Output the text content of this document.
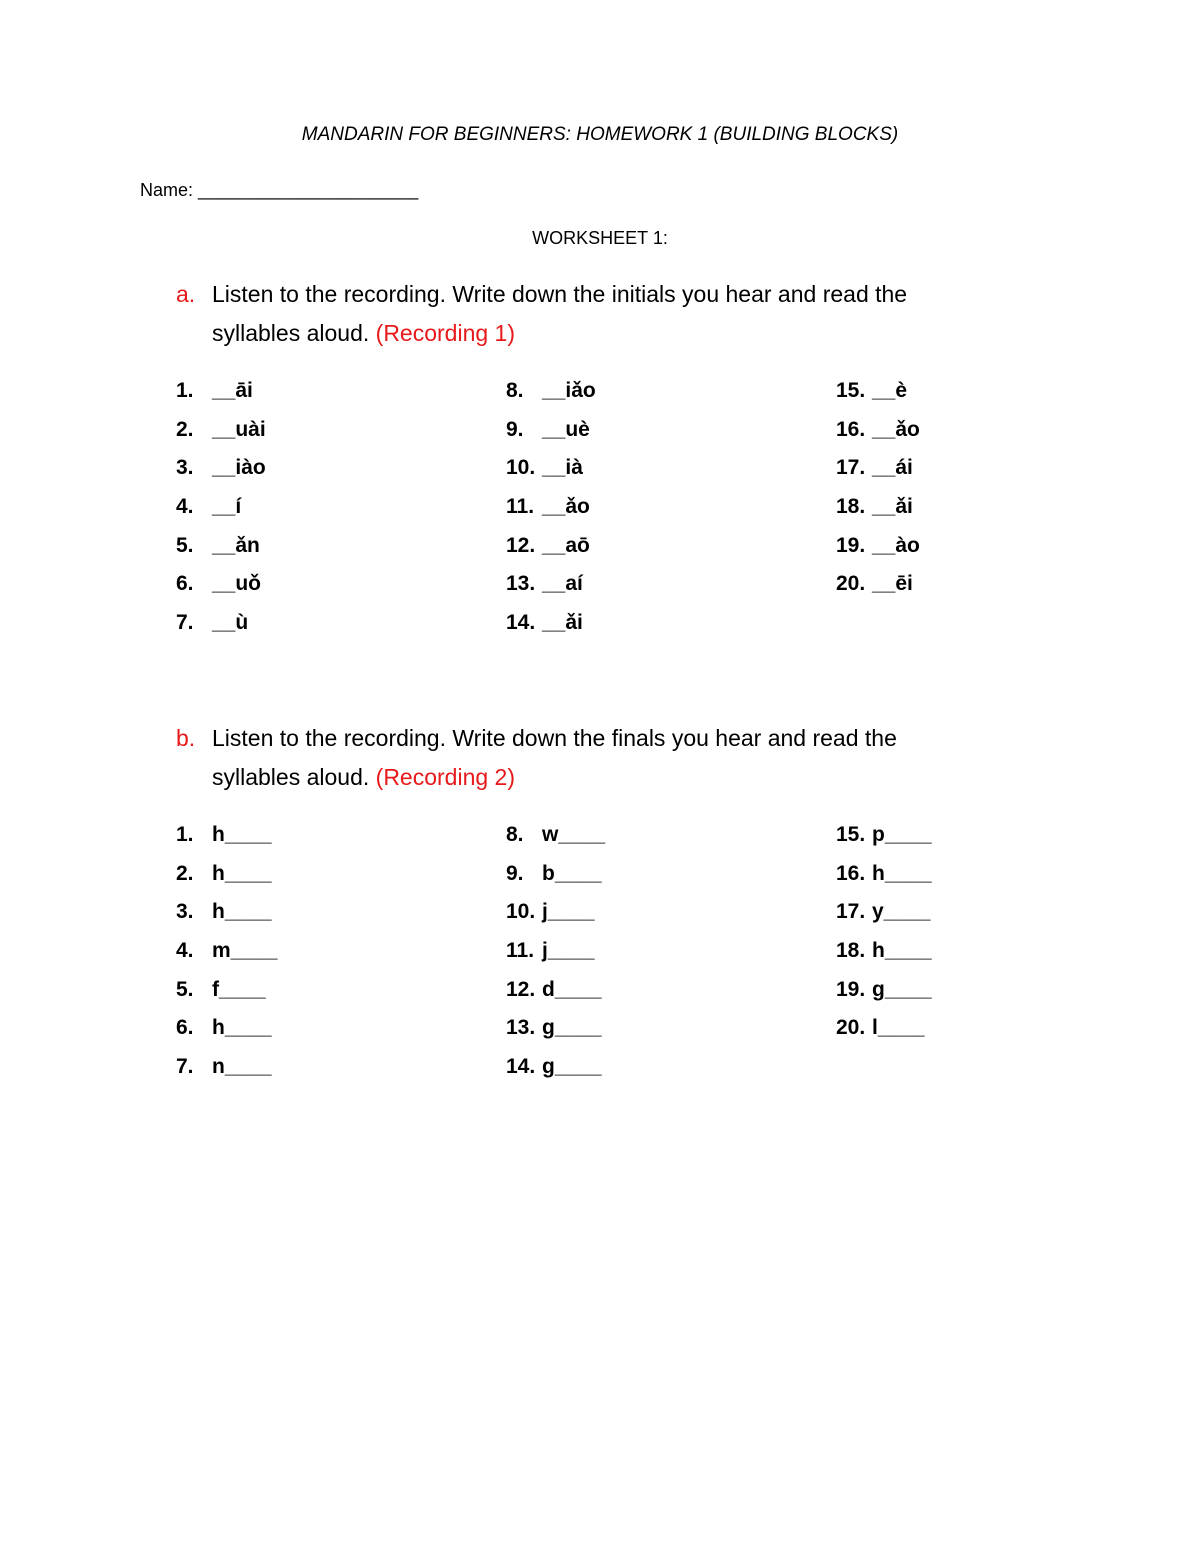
MANDARIN FOR BEGINNERS: HOMEWORK 1 (BUILDING BLOCKS)
Name: ______________________
WORKSHEET 1:
a. Listen to the recording. Write down the initials you hear and read the
syllables aloud. (Recording 1)
1. __āi
2. __uài
3. __iào
4. __í
5. __ǎn
6. __uǒ
7. __ù
8. __iǎo
9. __uè
10. __ià
11. __ǎo
12. __aō
13. __aí
14. __ǎi
15. __è
16. __ǎo
17. __ái
18. __ǎi
19. __ào
20. __ēi
b. Listen to the recording. Write down the finals you hear and read the
syllables aloud. (Recording 2)
1. h____
2. h____
3. h____
4. m____
5. f____
6. h____
7. n____
8. w____
9. b____
10. j____
11. j____
12. d____
13. g____
14. g____
15. p____
16. h____
17. y____
18. h____
19. g____
20. l____
